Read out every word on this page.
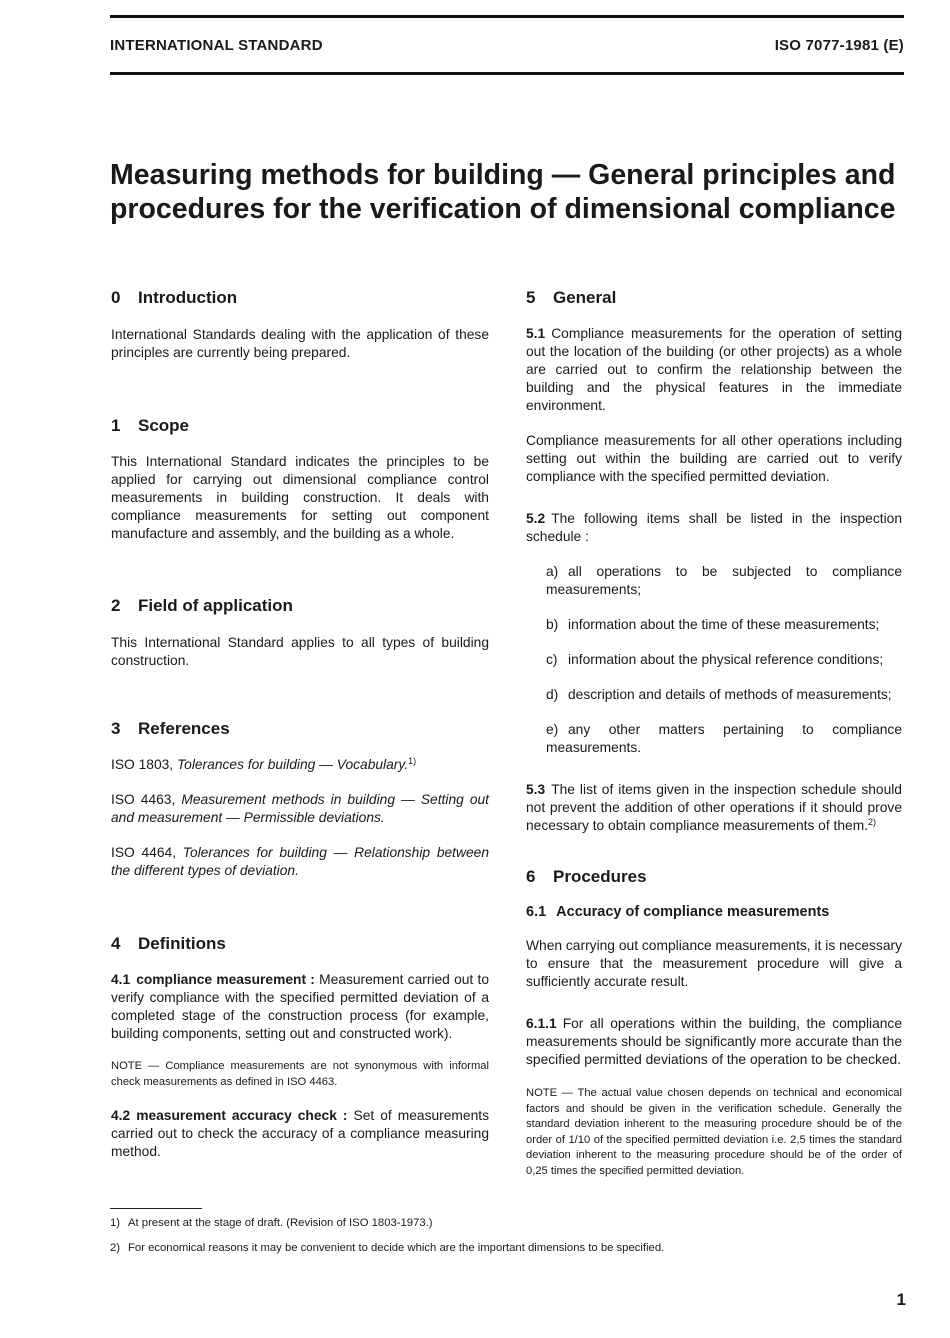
INTERNATIONAL STANDARD	ISO 7077-1981 (E)
Measuring methods for building — General principles and
procedures for the verification of dimensional compliance
0 Introduction

International Standards dealing with the application of these principles are currently being prepared.

1 Scope

This International Standard indicates the principles to be applied for carrying out dimensional compliance control measurements in building construction. It deals with compliance measurements for setting out component manufacture and assembly, and the building as a whole.

2 Field of application

This International Standard applies to all types of building construction.

3 References

ISO 1803, Tolerances for building — Vocabulary.$^{1)}$

ISO 4463, Measurement methods in building — Setting out and measurement — Permissible deviations.

ISO 4464, Tolerances for building — Relationship between the different types of deviation.

4 Definitions

4.1 compliance measurement : Measurement carried out to verify compliance with the specified permitted deviation of a completed stage of the construction process (for example, building components, setting out and constructed work).

NOTE — Compliance measurements are not synonymous with informal check measurements as defined in ISO 4463.

4.2 measurement accuracy check : Set of measurements carried out to check the accuracy of a compliance measuring method.

5 General

5.1 Compliance measurements for the operation of setting out the location of the building (or other projects) as a whole are carried out to confirm the relationship between the building and the physical features in the immediate environment.

Compliance measurements for all other operations including setting out within the building are carried out to verify compliance with the specified permitted deviation.

5.2 The following items shall be listed in the inspection schedule :

a) all operations to be subjected to compliance measurements;

b) information about the time of these measurements;

c) information about the physical reference conditions;

d) description and details of methods of measurements;

e) any other matters pertaining to compliance measurements.

5.3 The list of items given in the inspection schedule should not prevent the addition of other operations if it should prove necessary to obtain compliance measurements of them.$^{2)}$

6 Procedures
6.1 Accuracy of compliance measurements

When carrying out compliance measurements, it is necessary to ensure that the measurement procedure will give a sufficiently accurate result.

6.1.1 For all operations within the building, the compliance measurements should be significantly more accurate than the specified permitted deviations of the operation to be checked.

NOTE — The actual value chosen depends on technical and economical factors and should be given in the verification schedule. Generally the standard deviation inherent to the measuring procedure should be of the order of 1/10 of the specified permitted deviation i.e. 2,5 times the standard deviation inherent to the measuring procedure should be of the order of 0,25 times the specified permitted deviation.

1) At present at the stage of draft. (Revision of ISO 1803-1973.)
2) For economical reasons it may be convenient to decide which are the important dimensions to be specified.
1
